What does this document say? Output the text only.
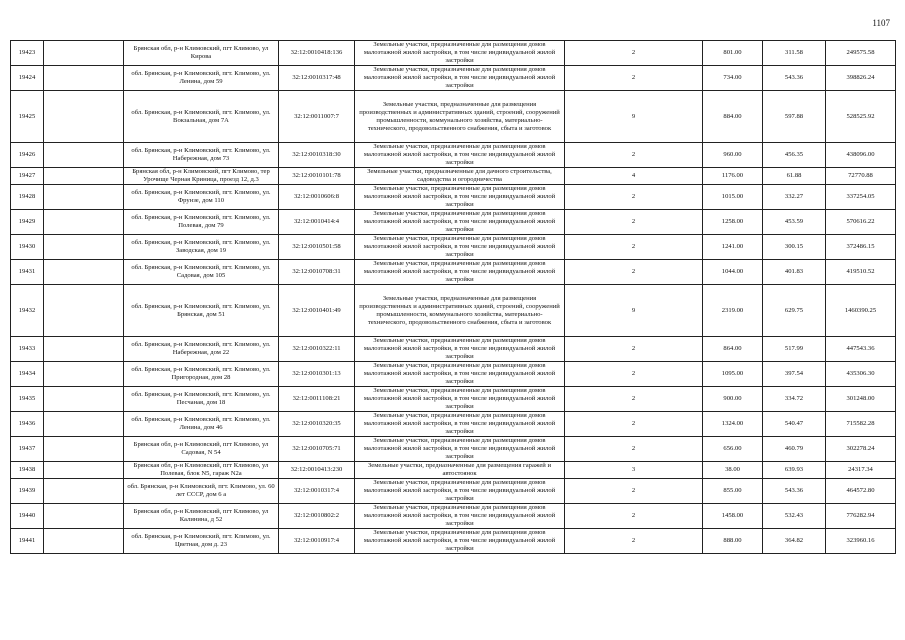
1107
19423		Брянская обл, р-н Климовский, пгт Климово, ул Кирова	32:12:0010418:136	Земельные участки, предназначенные для размещения домов малоэтажной жилой застройки, в том числе индивидуальной жилой застройки	2	801.00	311.58	249575.58
19424		обл. Брянская, р-н Климовский, пгт. Климово, ул. Ленина, дом 59	32:12:0010317:48	Земельные участки, предназначенные для размещения домов малоэтажной жилой застройки, в том числе индивидуальной жилой застройки	2	734.00	543.36	398826.24
19425		обл. Брянская, р-н Климовский, пгт. Климово, ул. Вокзальная, дом 7А	32:12:0011007:7	Земельные участки, предназначенные для размещения производственных и административных зданий, строений, сооружений промышленности, коммунального хозяйства, материально-технического, продовольственного снабжения, сбыта и заготовок	9	884.00	597.88	528525.92
19426		обл. Брянская, р-н Климовский, пгт. Климово, ул. Набережная, дом 73	32:12:0010318:30	Земельные участки, предназначенные для размещения домов малоэтажной жилой застройки, в том числе индивидуальной жилой застройки	2	960.00	456.35	438096.00
19427		Брянская обл, р-н Климовский, пгт Климово, тер Урочище Черная Криница, проезд 12, д.3	32:12:0010101:78	Земельные участки, предназначенные для дачного строительства, садоводства и огородничества	4	1176.00	61.88	72770.88
19428		обл. Брянская, р-н Климовский, пгт. Климово, ул. Фрунзе, дом 110	32:12:0010606:8	Земельные участки, предназначенные для размещения домов малоэтажной жилой застройки, в том числе индивидуальной жилой застройки	2	1015.00	332.27	337254.05
19429		обл. Брянская, р-н Климовский, пгт. Климово, ул. Полевая, дом 79	32:12:0010414:4	Земельные участки, предназначенные для размещения домов малоэтажной жилой застройки, в том числе индивидуальной жилой застройки	2	1258.00	453.59	570616.22
19430		обл. Брянская, р-н Климовский, пгт. Климово, ул. Заводская, дом 19	32:12:0010501:58	Земельные участки, предназначенные для размещения домов малоэтажной жилой застройки, в том числе индивидуальной жилой застройки	2	1241.00	300.15	372486.15
19431		обл. Брянская, р-н Климовский, пгт. Климово, ул. Садовая, дом 105	32:12:0010708:31	Земельные участки, предназначенные для размещения домов малоэтажной жилой застройки, в том числе индивидуальной жилой застройки	2	1044.00	401.83	419510.52
19432		обл. Брянская, р-н Климовский, пгт. Климово, ул. Брянская, дом 51	32:12:0010401:49	Земельные участки, предназначенные для размещения производственных и административных зданий, строений, сооружений промышленности, коммунального хозяйства, материально-технического, продовольственного снабжения, сбыта и заготовок	9	2319.00	629.75	1460390.25
19433		обл. Брянская, р-н Климовский, пгт. Климово, ул. Набережная, дом 22	32:12:0010322:11	Земельные участки, предназначенные для размещения домов малоэтажной жилой застройки, в том числе индивидуальной жилой застройки	2	864.00	517.99	447543.36
19434		обл. Брянская, р-н Климовский, пгт. Климово, ул. Пригородная, дом 28	32:12:0010301:13	Земельные участки, предназначенные для размещения домов малоэтажной жилой застройки, в том числе индивидуальной жилой застройки	2	1095.00	397.54	435306.30
19435		обл. Брянская, р-н Климовский, пгт. Климово, ул. Песчаная, дом 18	32:12:0011108:21	Земельные участки, предназначенные для размещения домов малоэтажной жилой застройки, в том числе индивидуальной жилой застройки	2	900.00	334.72	301248.00
19436		обл. Брянская, р-н Климовский, пгт. Климово, ул. Ленина, дом 46	32:12:0010320:35	Земельные участки, предназначенные для размещения домов малоэтажной жилой застройки, в том числе индивидуальной жилой застройки	2	1324.00	540.47	715582.28
19437		Брянская обл, р-н Климовский, пгт Климово, ул Садовая, N 54	32:12:0010705:71	Земельные участки, предназначенные для размещения домов малоэтажной жилой застройки, в том числе индивидуальной жилой застройки	2	656.00	460.79	302278.24
19438		Брянская обл, р-н Климовский, пгт Климово, ул Полевая, блок N5, гараж N2а	32:12:0010413:230	Земельные участки, предназначенные для размещения гаражей и автостоянок	3	38.00	639.93	24317.34
19439		обл. Брянская, р-н Климовский, пгт. Климово, ул. 60 лет СССР, дом 6 а	32:12:0010317:4	Земельные участки, предназначенные для размещения домов малоэтажной жилой застройки, в том числе индивидуальной жилой застройки	2	855.00	543.36	464572.80
19440		Брянская обл, р-н Климовский, пгт Климово, ул Калинина, д 52	32:12:0010802:2	Земельные участки, предназначенные для размещения домов малоэтажной жилой застройки, в том числе индивидуальной жилой застройки	2	1458.00	532.43	776282.94
19441		обл. Брянская, р-н Климовский, пгт. Климово, ул. Цветная, дом д. 23	32:12:0010917:4	Земельные участки, предназначенные для размещения домов малоэтажной жилой застройки, в том числе индивидуальной жилой застройки	2	888.00	364.82	323960.16
